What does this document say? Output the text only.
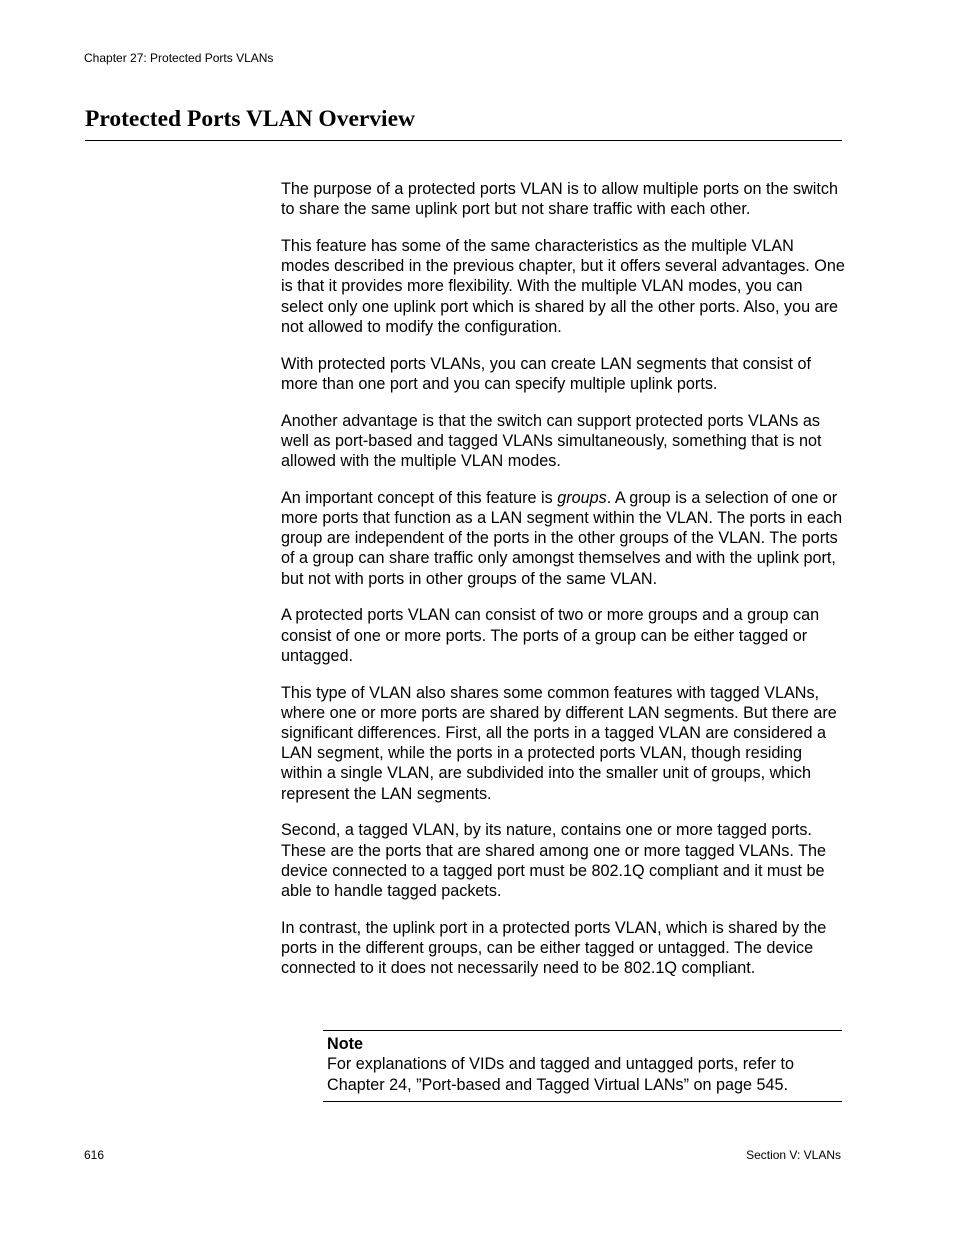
Chapter 27: Protected Ports VLANs
Protected Ports VLAN Overview

The purpose of a protected ports VLAN is to allow multiple ports on the switch to share the same uplink port but not share traffic with each other.

This feature has some of the same characteristics as the multiple VLAN modes described in the previous chapter, but it offers several advantages. One is that it provides more flexibility. With the multiple VLAN modes, you can select only one uplink port which is shared by all the other ports. Also, you are not allowed to modify the configuration.

With protected ports VLANs, you can create LAN segments that consist of more than one port and you can specify multiple uplink ports.

Another advantage is that the switch can support protected ports VLANs as well as port-based and tagged VLANs simultaneously, something that is not allowed with the multiple VLAN modes.

An important concept of this feature is groups. A group is a selection of one or more ports that function as a LAN segment within the VLAN. The ports in each group are independent of the ports in the other groups of the VLAN. The ports of a group can share traffic only amongst themselves and with the uplink port, but not with ports in other groups of the same VLAN.

A protected ports VLAN can consist of two or more groups and a group can consist of one or more ports. The ports of a group can be either tagged or untagged.

This type of VLAN also shares some common features with tagged VLANs, where one or more ports are shared by different LAN segments. But there are significant differences. First, all the ports in a tagged VLAN are considered a LAN segment, while the ports in a protected ports VLAN, though residing within a single VLAN, are subdivided into the smaller unit of groups, which represent the LAN segments.

Second, a tagged VLAN, by its nature, contains one or more tagged ports. These are the ports that are shared among one or more tagged VLANs. The device connected to a tagged port must be 802.1Q compliant and it must be able to handle tagged packets.

In contrast, the uplink port in a protected ports VLAN, which is shared by the ports in the different groups, can be either tagged or untagged. The device connected to it does not necessarily need to be 802.1Q compliant.

Note
For explanations of VIDs and tagged and untagged ports, refer to Chapter 24, ”Port-based and Tagged Virtual LANs” on page 545.
616	Section V: VLANs
